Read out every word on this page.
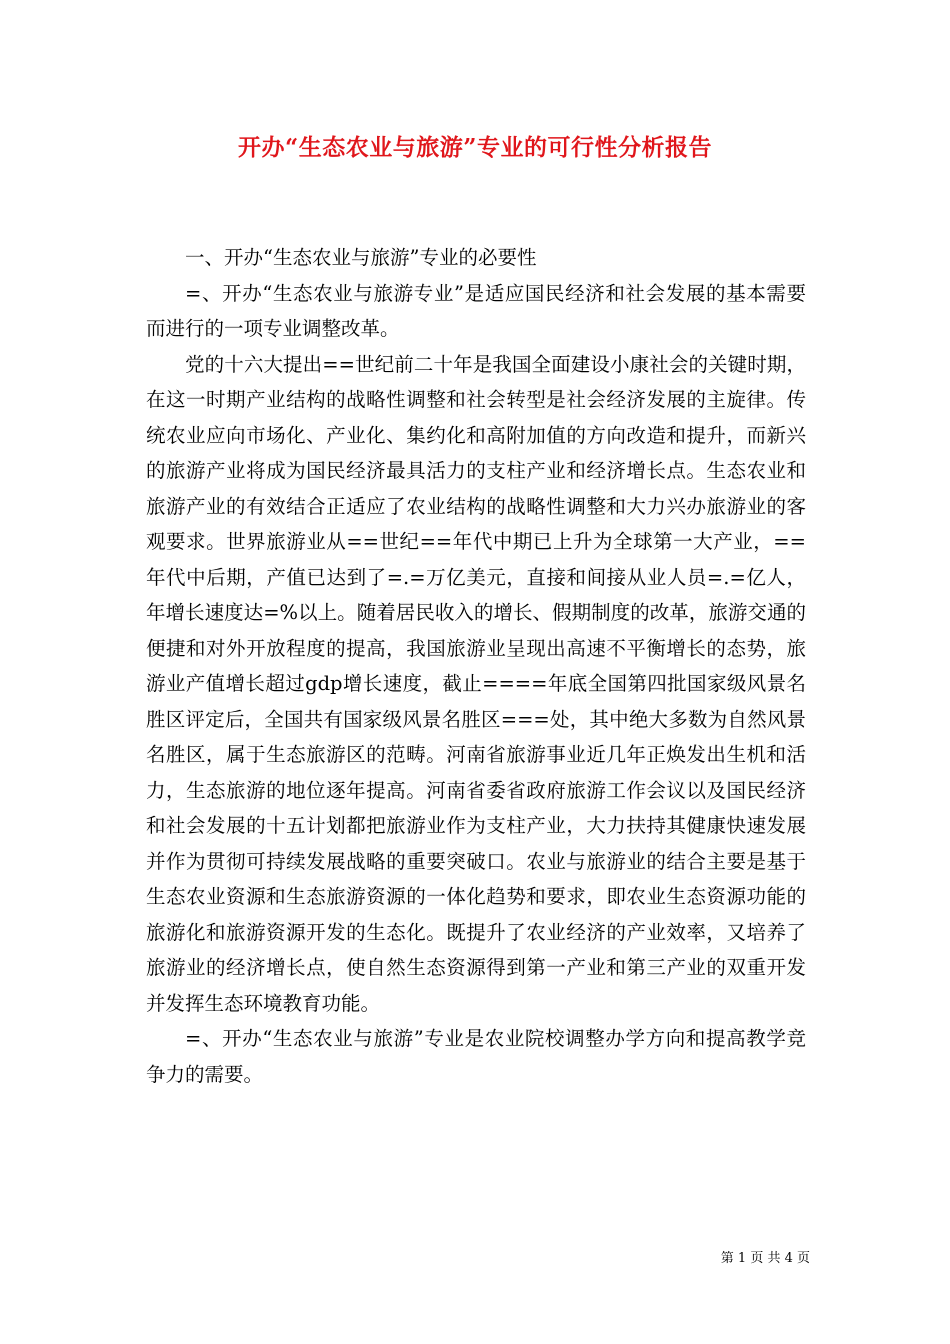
开办“生态农业与旅游”专业的可行性分析报告

一、开办“生态农业与旅游”专业的必要性

=、开办“生态农业与旅游专业”是适应国民经济和社会发展的基本需要而进行的一项专业调整改革。

党的十六大提出==世纪前二十年是我国全面建设小康社会的关键时期，在这一时期产业结构的战略性调整和社会转型是社会经济发展的主旋律。传统农业应向市场化、产业化、集约化和高附加值的方向改造和提升，而新兴的旅游产业将成为国民经济最具活力的支柱产业和经济增长点。生态农业和旅游产业的有效结合正适应了农业结构的战略性调整和大力兴办旅游业的客观要求。世界旅游业从==世纪==年代中期已上升为全球第一大产业，==年代中后期，产值已达到了=.=万亿美元，直接和间接从业人员=.=亿人，年增长速度达=%以上。随着居民收入的增长、假期制度的改革，旅游交通的便捷和对外开放程度的提高，我国旅游业呈现出高速不平衡增长的态势，旅游业产值增长超过gdp增长速度，截止====年底全国第四批国家级风景名胜区评定后，全国共有国家级风景名胜区===处，其中绝大多数为自然风景名胜区，属于生态旅游区的范畴。河南省旅游事业近几年正焕发出生机和活力，生态旅游的地位逐年提高。河南省委省政府旅游工作会议以及国民经济和社会发展的十五计划都把旅游业作为支柱产业，大力扶持其健康快速发展并作为贯彻可持续发展战略的重要突破口。农业与旅游业的结合主要是基于生态农业资源和生态旅游资源的一体化趋势和要求，即农业生态资源功能的旅游化和旅游资源开发的生态化。既提升了农业经济的产业效率，又培养了旅游业的经济增长点，使自然生态资源得到第一产业和第三产业的双重开发并发挥生态环境教育功能。

=、开办“生态农业与旅游”专业是农业院校调整办学方向和提高教学竞争力的需要。

第 1 页 共 4 页
